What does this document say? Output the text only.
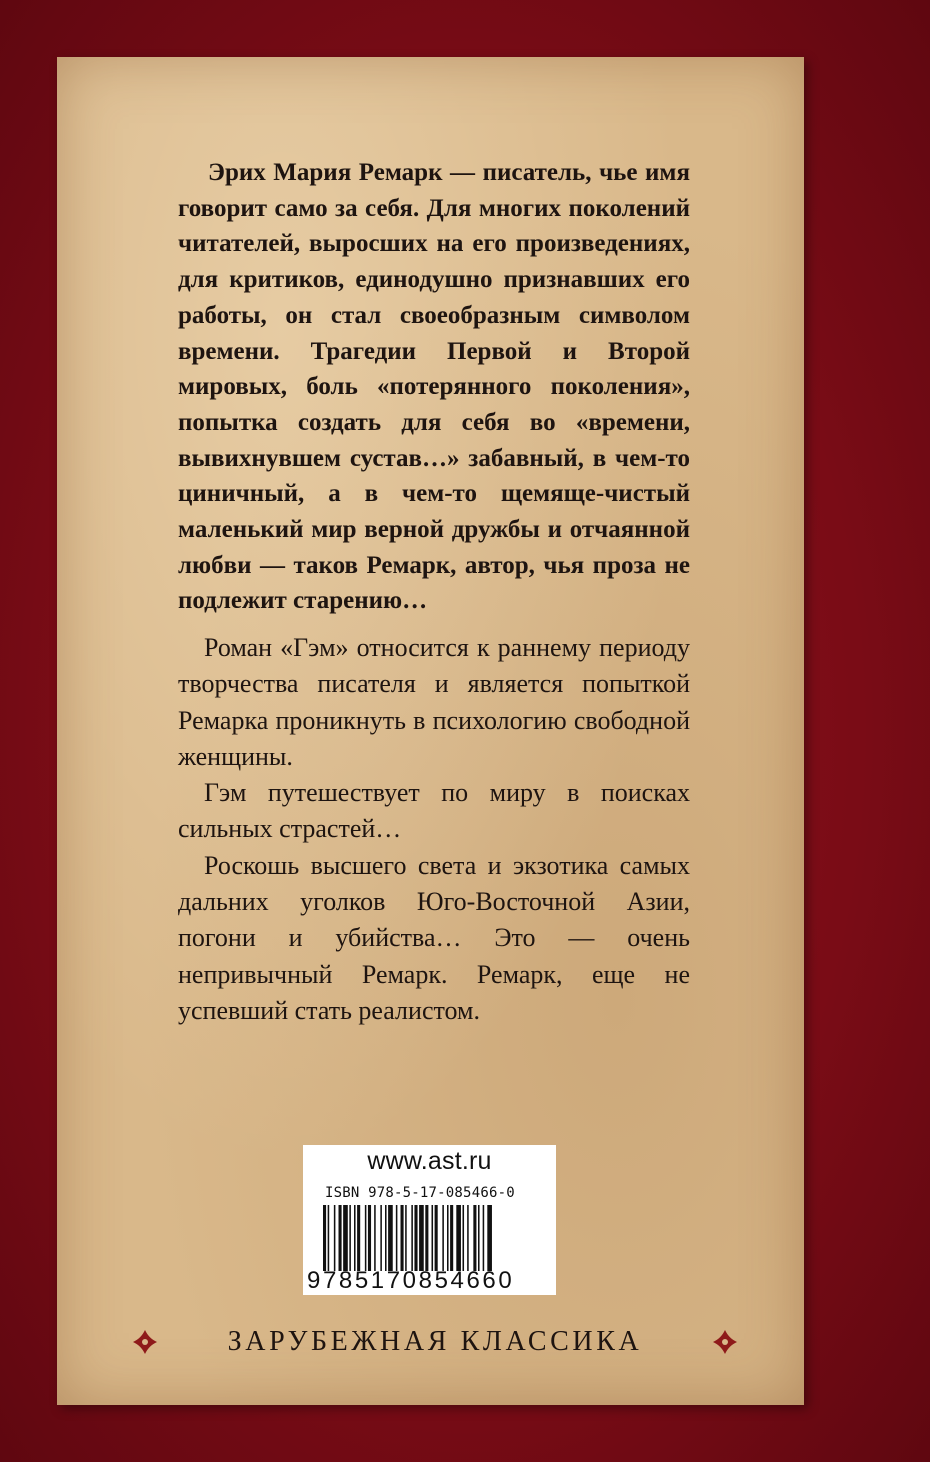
Эрих Мария Ремарк — писатель, чье имя говорит само за себя. Для многих поколений читателей, выросших на его произведениях, для критиков, единодушно признавших его работы, он стал своеобразным символом времени. Трагедии Первой и Второй мировых, боль «потерянного поколения», попытка создать для себя во «времени, вывихнувшем сустав…» забавный, в чем-то циничный, а в чем-то щемяще-чистый маленький мир верной дружбы и отчаянной любви — таков Ремарк, автор, чья проза не подлежит старению…

Роман «Гэм» относится к раннему периоду творчества писателя и является попыткой Ремарка проникнуть в психологию свободной женщины.

Гэм путешествует по миру в поисках сильных страстей…

Роскошь высшего света и экзотика самых дальних уголков Юго-Восточной Азии, погони и убийства… Это — очень непривычный Ремарк. Ремарк, еще не успевший стать реалистом.

www.ast.ru
ISBN 978-5-17-085466-0
9785170854660
ЗАРУБЕЖНАЯ КЛАССИКА
